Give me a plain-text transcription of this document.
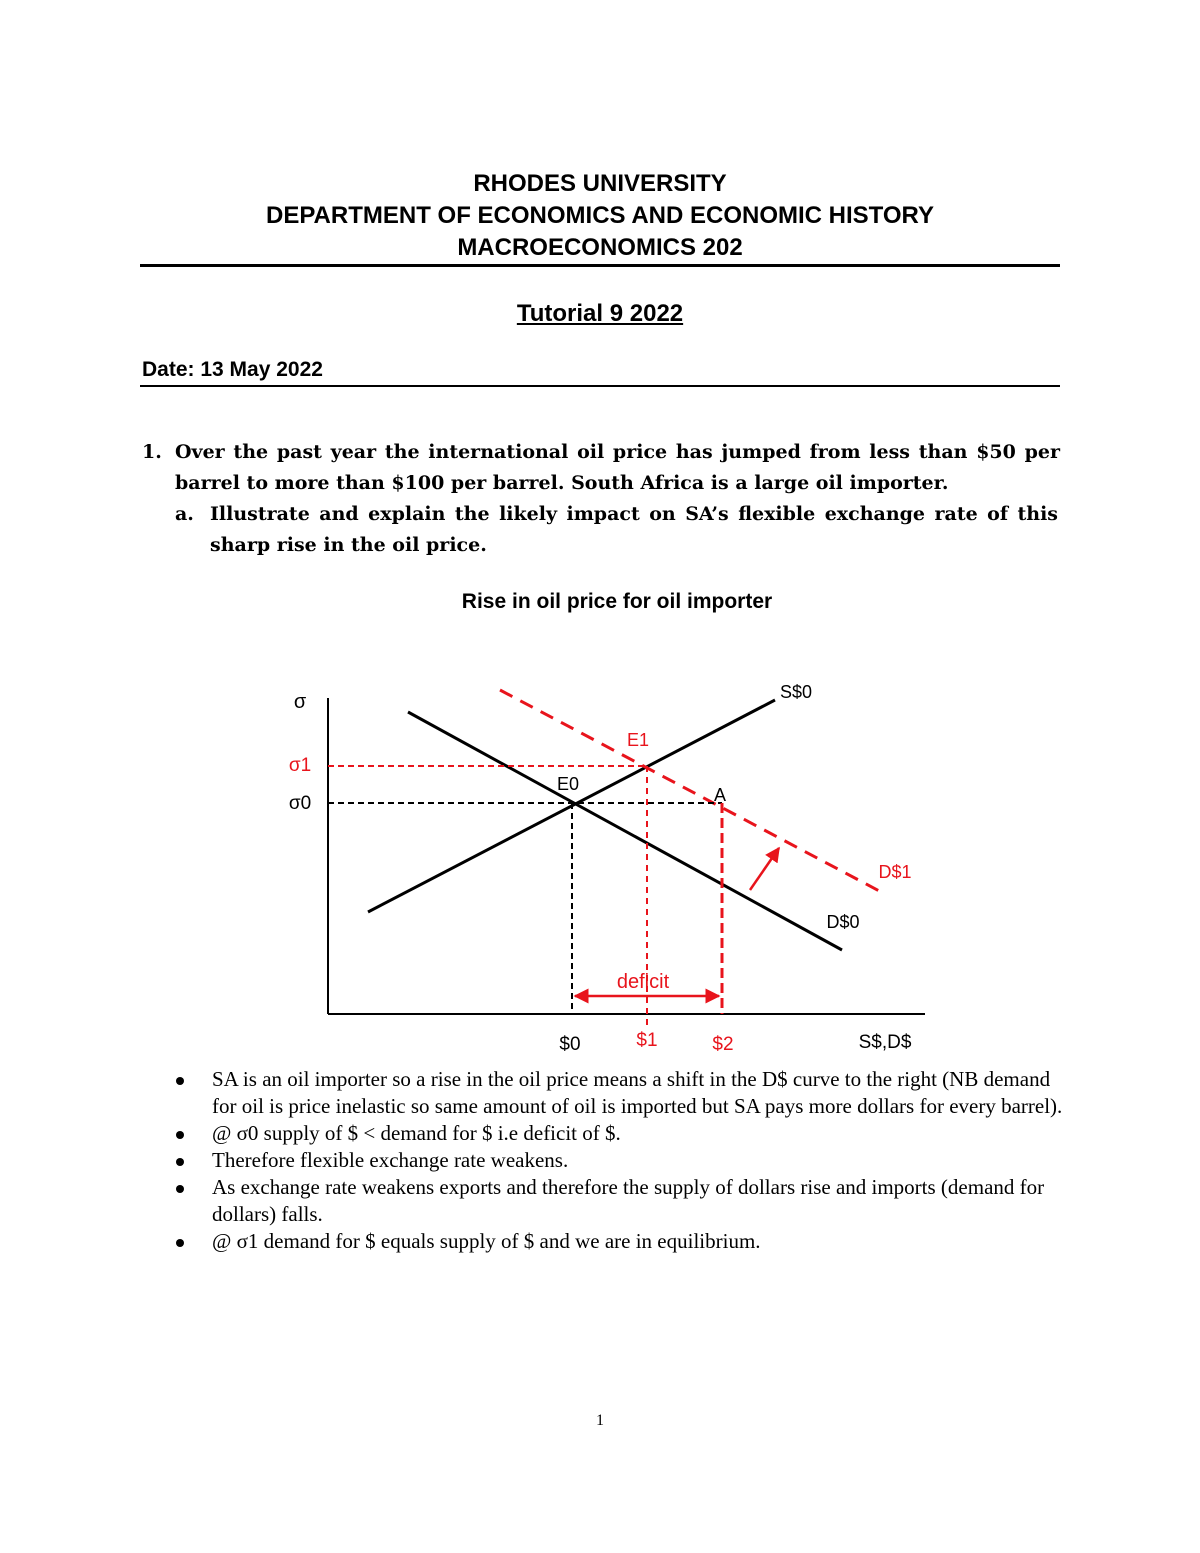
RHODES UNIVERSITY
DEPARTMENT OF ECONOMICS AND ECONOMIC HISTORY
MACROECONOMICS 202
Tutorial 9 2022
Date: 13 May 2022
1. Over the past year the international oil price has jumped from less than $50 per barrel to more than $100 per barrel. South Africa is a large oil importer.
a. Illustrate and explain the likely impact on SA’s flexible exchange rate of this sharp rise in the oil price.
Rise in oil price for oil importer
σ
S$,D$
S$0
D$0
D$1
deficit
E0
E1
A
σ1
σ0
$0	$1	$2
SA is an oil importer so a rise in the oil price means a shift in the D$ curve to the right (NB demand for oil is price inelastic so same amount of oil is imported but SA pays more dollars for every barrel).
@ σ0 supply of $ < demand for $ i.e deficit of $.
Therefore flexible exchange rate weakens.
As exchange rate weakens exports and therefore the supply of dollars rise and imports (demand for dollars) falls.
@ σ1 demand for $ equals supply of $ and we are in equilibrium.
1
